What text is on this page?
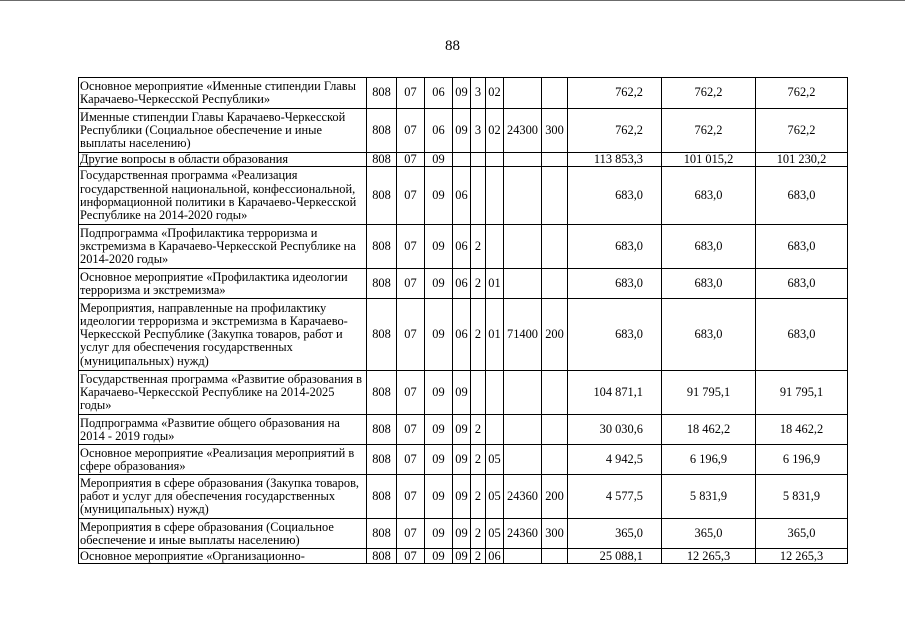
88
Основное мероприятие «Именные стипендии Главы Карачаево-Черкесской Республики»	808	07	06	09	3	02			762,2	762,2	762,2
Именные стипендии Главы Карачаево-Черкесской Республики (Социальное обеспечение и иные выплаты населению)	808	07	06	09	3	02	24300	300	762,2	762,2	762,2
Другие вопросы в области образования	808	07	09						113 853,3	101 015,2	101 230,2
Государственная программа «Реализация государственной национальной, конфессиональной, информационной политики в Карачаево-Черкесской Республике на 2014-2020 годы»	808	07	09	06					683,0	683,0	683,0
Подпрограмма «Профилактика терроризма и экстремизма в Карачаево-Черкесской Республике на 2014-2020 годы»	808	07	09	06	2				683,0	683,0	683,0
Основное мероприятие «Профилактика идеологии терроризма и экстремизма»	808	07	09	06	2	01			683,0	683,0	683,0
Мероприятия, направленные на профилактику идеологии терроризма и экстремизма в Карачаево-Черкесской Республике (Закупка товаров, работ и услуг для обеспечения государственных (муниципальных) нужд)	808	07	09	06	2	01	71400	200	683,0	683,0	683,0
Государственная программа «Развитие образования в Карачаево-Черкесской Республике на 2014-2025 годы»	808	07	09	09					104 871,1	91 795,1	91 795,1
Подпрограмма «Развитие общего образования на 2014 - 2019 годы»	808	07	09	09	2				30 030,6	18 462,2	18 462,2
Основное мероприятие «Реализация мероприятий в сфере образования»	808	07	09	09	2	05			4 942,5	6 196,9	6 196,9
Мероприятия в сфере образования (Закупка товаров, работ и услуг для обеспечения государственных (муниципальных) нужд)	808	07	09	09	2	05	24360	200	4 577,5	5 831,9	5 831,9
Мероприятия в сфере образования (Социальное обеспечение и иные выплаты населению)	808	07	09	09	2	05	24360	300	365,0	365,0	365,0
Основное мероприятие «Организационно-	808	07	09	09	2	06			25 088,1	12 265,3	12 265,3
